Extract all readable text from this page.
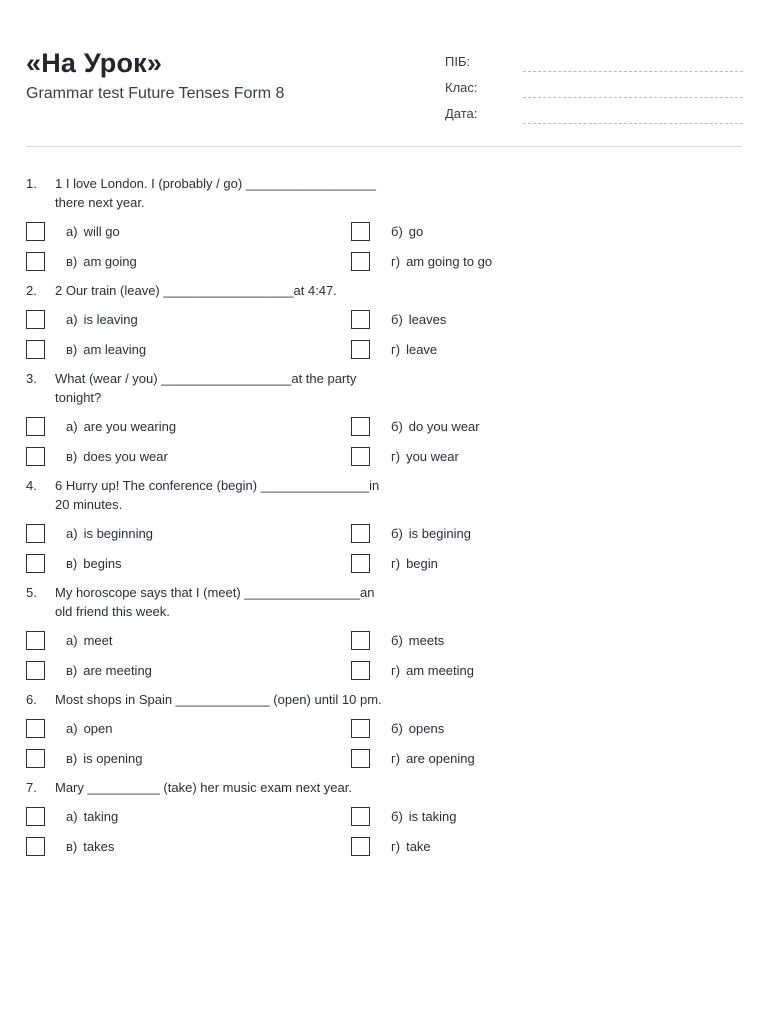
«На Урок»
Grammar test Future Tenses Form 8
ПІБ:
Клас:
Дата:
1.	1 I love London. I (probably / go) __________________ there next year.
а) will go	б) go
в) am going	г) am going to go
2.	2 Our train (leave) __________________at 4:47.
а) is leaving	б) leaves
в) am leaving	г) leave
3.	What (wear / you) __________________at the party tonight?
а) are you wearing	б) do you wear
в) does you wear	г) you wear
4.	6 Hurry up! The conference (begin) _______________in 20 minutes.
а) is beginning	б) is begining
в) begins	г) begin
5.	My horoscope says that I (meet) ________________an old friend this week.
а) meet	б) meets
в) are meeting	г) am meeting
6.	Most shops in Spain _____________ (open) until 10 pm.
а) open	б) opens
в) is opening	г) are opening
7.	Mary __________ (take) her music exam next year.
а) taking	б) is taking
в) takes	г) take
